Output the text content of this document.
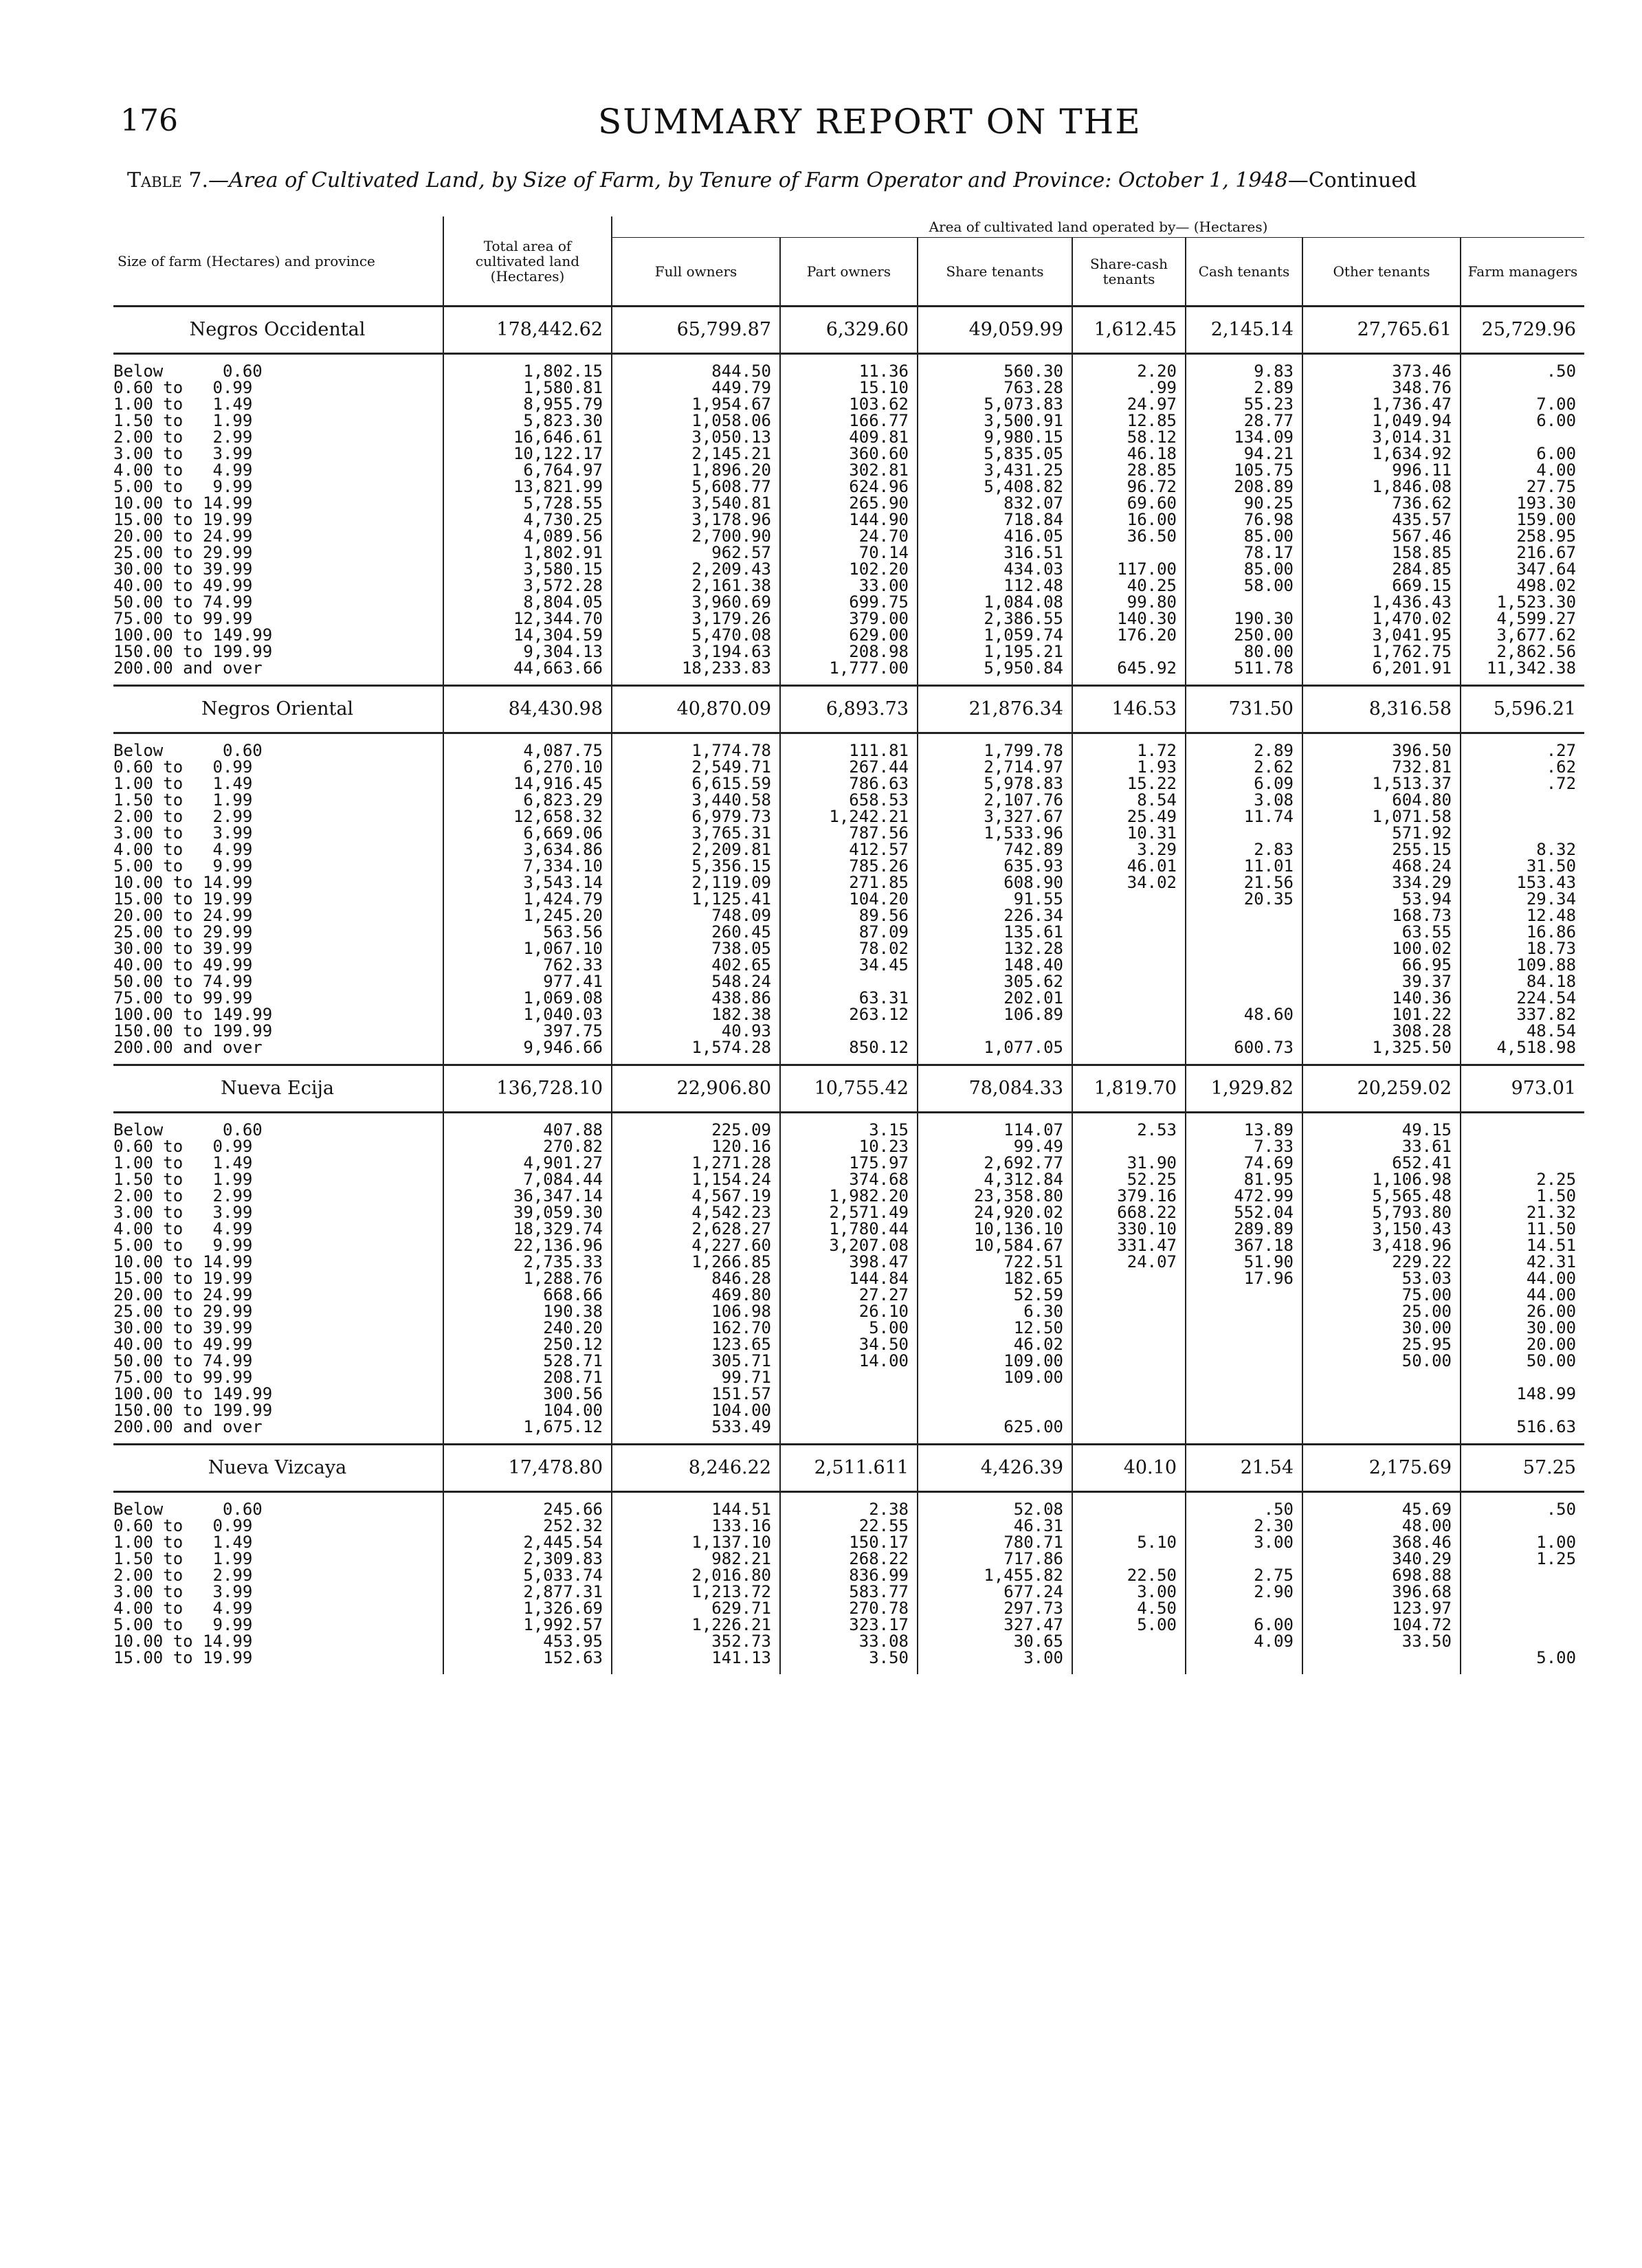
176	SUMMARY REPORT ON THE
Table 7.—Area of Cultivated Land, by Size of Farm, by Tenure of Farm Operator and Province: October 1, 1948—Continued
Size of farm (Hectares) and province	Total area of cultivated land (Hectares)	Area of cultivated land operated by— (Hectares)						
		Full owners	Part owners	Share tenants	Share-cash tenants	Cash tenants	Other tenants	Farm managers
Negros Occidental	178,442.62	65,799.87	6,329.60	49,059.99	1,612.45	2,145.14	27,765.61	25,729.96

Below      0.60	1,802.15	844.50	11.36	560.30	2.20	9.83	373.46	.50
0.60 to   0.99	1,580.81	449.79	15.10	763.28	.99	2.89	348.76	
1.00 to   1.49	8,955.79	1,954.67	103.62	5,073.83	24.97	55.23	1,736.47	7.00
1.50 to   1.99	5,823.30	1,058.06	166.77	3,500.91	12.85	28.77	1,049.94	6.00
2.00 to   2.99	16,646.61	3,050.13	409.81	9,980.15	58.12	134.09	3,014.31	
3.00 to   3.99	10,122.17	2,145.21	360.60	5,835.05	46.18	94.21	1,634.92	6.00
4.00 to   4.99	6,764.97	1,896.20	302.81	3,431.25	28.85	105.75	996.11	4.00
5.00 to   9.99	13,821.99	5,608.77	624.96	5,408.82	96.72	208.89	1,846.08	27.75
10.00 to 14.99	5,728.55	3,540.81	265.90	832.07	69.60	90.25	736.62	193.30
15.00 to 19.99	4,730.25	3,178.96	144.90	718.84	16.00	76.98	435.57	159.00
20.00 to 24.99	4,089.56	2,700.90	24.70	416.05	36.50	85.00	567.46	258.95
25.00 to 29.99	1,802.91	962.57	70.14	316.51		78.17	158.85	216.67
30.00 to 39.99	3,580.15	2,209.43	102.20	434.03	117.00	85.00	284.85	347.64
40.00 to 49.99	3,572.28	2,161.38	33.00	112.48	40.25	58.00	669.15	498.02
50.00 to 74.99	8,804.05	3,960.69	699.75	1,084.08	99.80		1,436.43	1,523.30
75.00 to 99.99	12,344.70	3,179.26	379.00	2,386.55	140.30	190.30	1,470.02	4,599.27
100.00 to 149.99	14,304.59	5,470.08	629.00	1,059.74	176.20	250.00	3,041.95	3,677.62
150.00 to 199.99	9,304.13	3,194.63	208.98	1,195.21		80.00	1,762.75	2,862.56
200.00 and over	44,663.66	18,233.83	1,777.00	5,950.84	645.92	511.78	6,201.91	11,342.38

Negros Oriental	84,430.98	40,870.09	6,893.73	21,876.34	146.53	731.50	8,316.58	5,596.21

Below      0.60	4,087.75	1,774.78	111.81	1,799.78	1.72	2.89	396.50	.27
0.60 to   0.99	6,270.10	2,549.71	267.44	2,714.97	1.93	2.62	732.81	.62
1.00 to   1.49	14,916.45	6,615.59	786.63	5,978.83	15.22	6.09	1,513.37	.72
1.50 to   1.99	6,823.29	3,440.58	658.53	2,107.76	8.54	3.08	604.80	
2.00 to   2.99	12,658.32	6,979.73	1,242.21	3,327.67	25.49	11.74	1,071.58	
3.00 to   3.99	6,669.06	3,765.31	787.56	1,533.96	10.31		571.92	
4.00 to   4.99	3,634.86	2,209.81	412.57	742.89	3.29	2.83	255.15	8.32
5.00 to   9.99	7,334.10	5,356.15	785.26	635.93	46.01	11.01	468.24	31.50
10.00 to 14.99	3,543.14	2,119.09	271.85	608.90	34.02	21.56	334.29	153.43
15.00 to 19.99	1,424.79	1,125.41	104.20	91.55		20.35	53.94	29.34
20.00 to 24.99	1,245.20	748.09	89.56	226.34			168.73	12.48
25.00 to 29.99	563.56	260.45	87.09	135.61			63.55	16.86
30.00 to 39.99	1,067.10	738.05	78.02	132.28			100.02	18.73
40.00 to 49.99	762.33	402.65	34.45	148.40			66.95	109.88
50.00 to 74.99	977.41	548.24		305.62			39.37	84.18
75.00 to 99.99	1,069.08	438.86	63.31	202.01			140.36	224.54
100.00 to 149.99	1,040.03	182.38	263.12	106.89		48.60	101.22	337.82
150.00 to 199.99	397.75	40.93					308.28	48.54
200.00 and over	9,946.66	1,574.28	850.12	1,077.05		600.73	1,325.50	4,518.98

Nueva Ecija	136,728.10	22,906.80	10,755.42	78,084.33	1,819.70	1,929.82	20,259.02	973.01

Below      0.60	407.88	225.09	3.15	114.07	2.53	13.89	49.15	
0.60 to   0.99	270.82	120.16	10.23	99.49		7.33	33.61	
1.00 to   1.49	4,901.27	1,271.28	175.97	2,692.77	31.90	74.69	652.41	
1.50 to   1.99	7,084.44	1,154.24	374.68	4,312.84	52.25	81.95	1,106.98	2.25
2.00 to   2.99	36,347.14	4,567.19	1,982.20	23,358.80	379.16	472.99	5,565.48	1.50
3.00 to   3.99	39,059.30	4,542.23	2,571.49	24,920.02	668.22	552.04	5,793.80	21.32
4.00 to   4.99	18,329.74	2,628.27	1,780.44	10,136.10	330.10	289.89	3,150.43	11.50
5.00 to   9.99	22,136.96	4,227.60	3,207.08	10,584.67	331.47	367.18	3,418.96	14.51
10.00 to 14.99	2,735.33	1,266.85	398.47	722.51	24.07	51.90	229.22	42.31
15.00 to 19.99	1,288.76	846.28	144.84	182.65		17.96	53.03	44.00
20.00 to 24.99	668.66	469.80	27.27	52.59			75.00	44.00
25.00 to 29.99	190.38	106.98	26.10	6.30			25.00	26.00
30.00 to 39.99	240.20	162.70	5.00	12.50			30.00	30.00
40.00 to 49.99	250.12	123.65	34.50	46.02			25.95	20.00
50.00 to 74.99	528.71	305.71	14.00	109.00			50.00	50.00
75.00 to 99.99	208.71	99.71		109.00				
100.00 to 149.99	300.56	151.57						148.99
150.00 to 199.99	104.00	104.00						
200.00 and over	1,675.12	533.49		625.00				516.63

Nueva Vizcaya	17,478.80	8,246.22	2,511.611	4,426.39	40.10	21.54	2,175.69	57.25

Below      0.60	245.66	144.51	2.38	52.08		.50	45.69	.50
0.60 to   0.99	252.32	133.16	22.55	46.31		2.30	48.00	
1.00 to   1.49	2,445.54	1,137.10	150.17	780.71	5.10	3.00	368.46	1.00
1.50 to   1.99	2,309.83	982.21	268.22	717.86			340.29	1.25
2.00 to   2.99	5,033.74	2,016.80	836.99	1,455.82	22.50	2.75	698.88	
3.00 to   3.99	2,877.31	1,213.72	583.77	677.24	3.00	2.90	396.68	
4.00 to   4.99	1,326.69	629.71	270.78	297.73	4.50		123.97	
5.00 to   9.99	1,992.57	1,226.21	323.17	327.47	5.00	6.00	104.72	
10.00 to 14.99	453.95	352.73	33.08	30.65		4.09	33.50	
15.00 to 19.99	152.63	141.13	3.50	3.00				5.00
